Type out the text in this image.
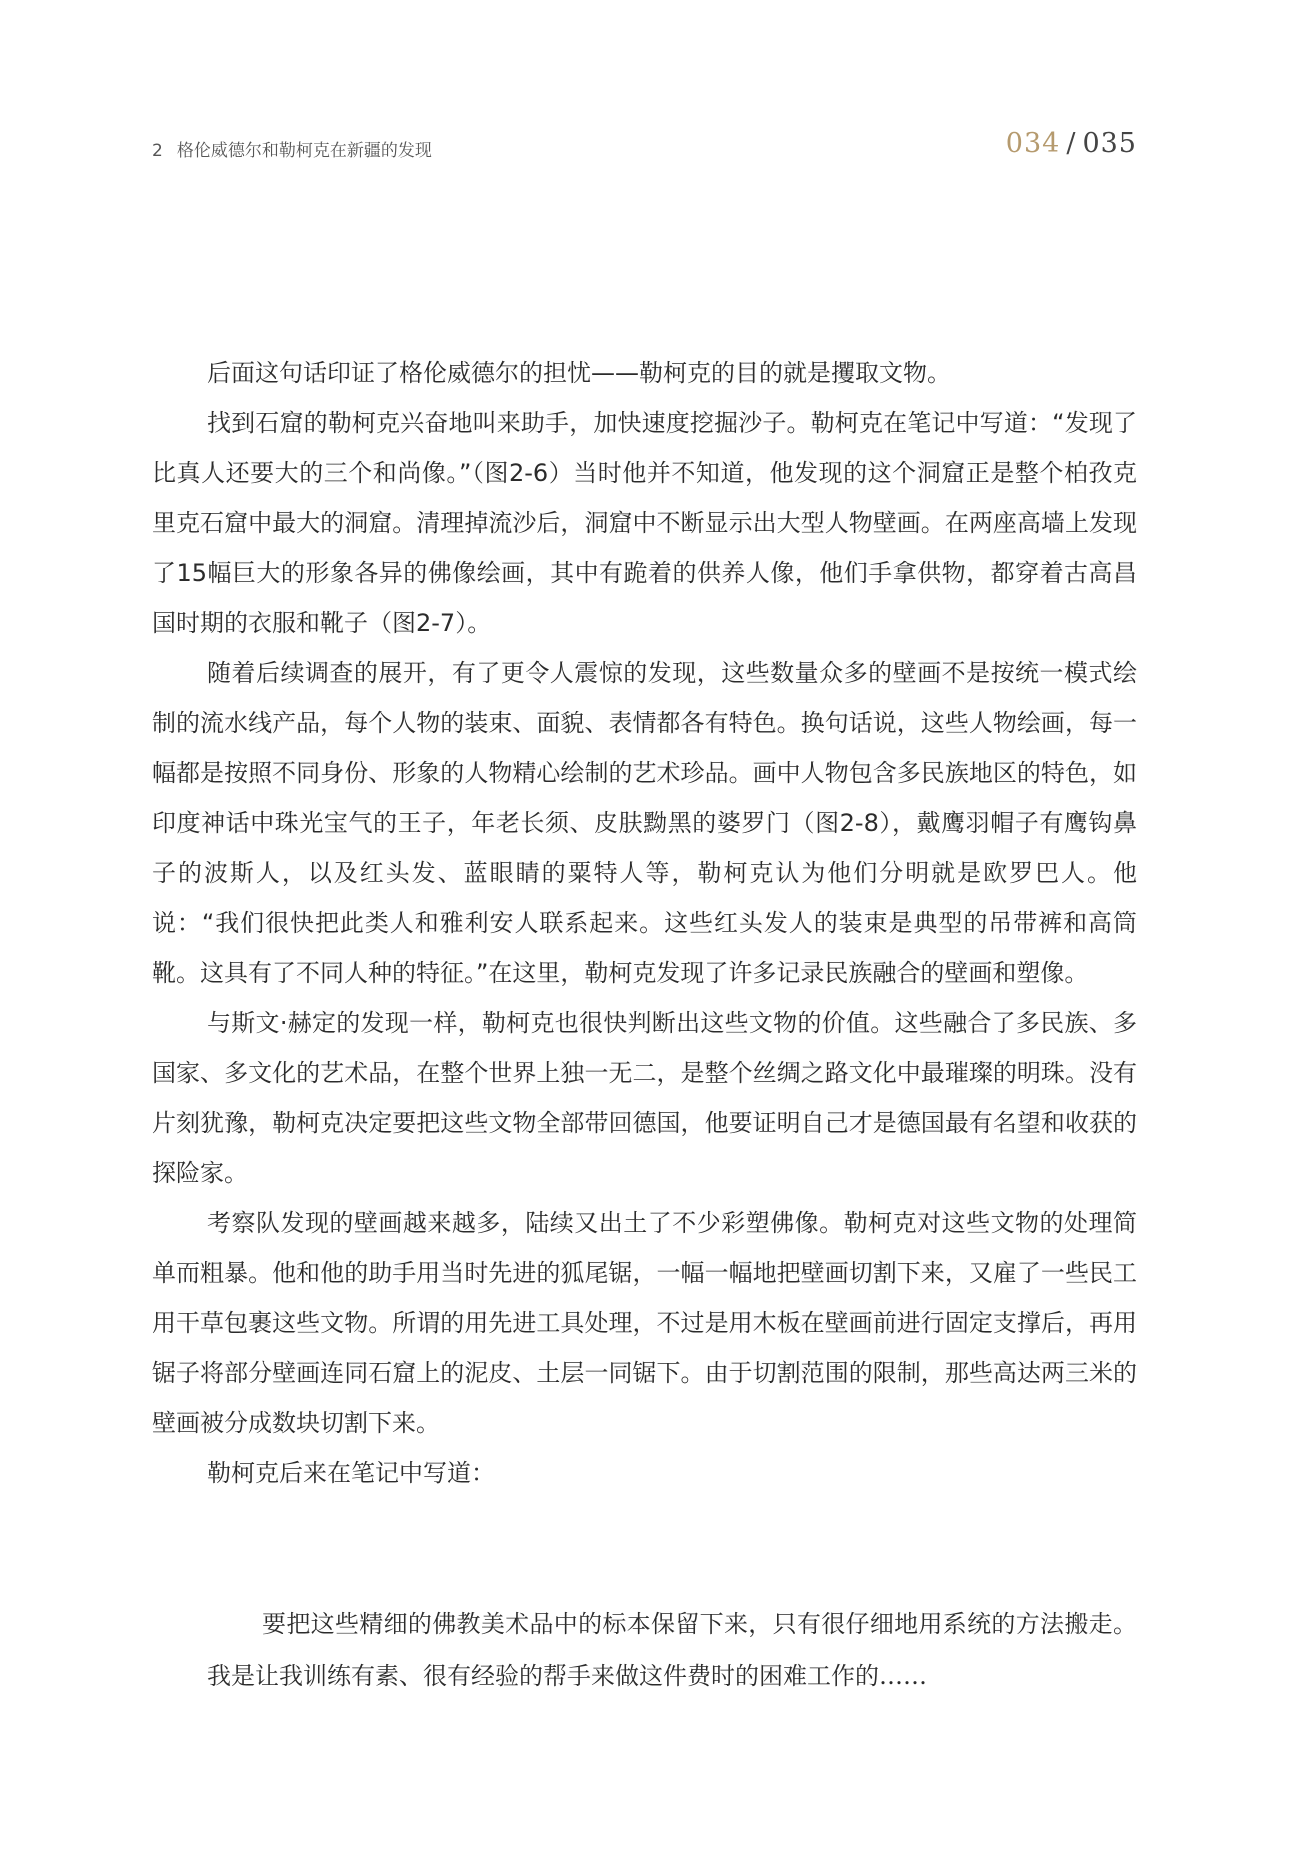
2 格伦威德尔和勒柯克在新疆的发现	034 / 035

后面这句话印证了格伦威德尔的担忧——勒柯克的目的就是攫取文物。

找到石窟的勒柯克兴奋地叫来助手，加快速度挖掘沙子。勒柯克在笔记中写道：“发现了比真人还要大的三个和尚像。”（图2-6）当时他并不知道，他发现的这个洞窟正是整个柏孜克里克石窟中最大的洞窟。清理掉流沙后，洞窟中不断显示出大型人物壁画。在两座高墙上发现了15幅巨大的形象各异的佛像绘画，其中有跪着的供养人像，他们手拿供物，都穿着古高昌国时期的衣服和靴子（图2-7）。

随着后续调查的展开，有了更令人震惊的发现，这些数量众多的壁画不是按统一模式绘制的流水线产品，每个人物的装束、面貌、表情都各有特色。换句话说，这些人物绘画，每一幅都是按照不同身份、形象的人物精心绘制的艺术珍品。画中人物包含多民族地区的特色，如印度神话中珠光宝气的王子，年老长须、皮肤黝黑的婆罗门（图2-8），戴鹰羽帽子有鹰钩鼻子的波斯人，以及红头发、蓝眼睛的粟特人等，勒柯克认为他们分明就是欧罗巴人。他说：“我们很快把此类人和雅利安人联系起来。这些红头发人的装束是典型的吊带裤和高筒靴。这具有了不同人种的特征。”在这里，勒柯克发现了许多记录民族融合的壁画和塑像。

与斯文·赫定的发现一样，勒柯克也很快判断出这些文物的价值。这些融合了多民族、多国家、多文化的艺术品，在整个世界上独一无二，是整个丝绸之路文化中最璀璨的明珠。没有片刻犹豫，勒柯克决定要把这些文物全部带回德国，他要证明自己才是德国最有名望和收获的探险家。

考察队发现的壁画越来越多，陆续又出土了不少彩塑佛像。勒柯克对这些文物的处理简单而粗暴。他和他的助手用当时先进的狐尾锯，一幅一幅地把壁画切割下来，又雇了一些民工用干草包裹这些文物。所谓的用先进工具处理，不过是用木板在壁画前进行固定支撑后，再用锯子将部分壁画连同石窟上的泥皮、土层一同锯下。由于切割范围的限制，那些高达两三米的壁画被分成数块切割下来。

勒柯克后来在笔记中写道：

要把这些精细的佛教美术品中的标本保留下来，只有很仔细地用系统的方法搬走。我是让我训练有素、很有经验的帮手来做这件费时的困难工作的……
